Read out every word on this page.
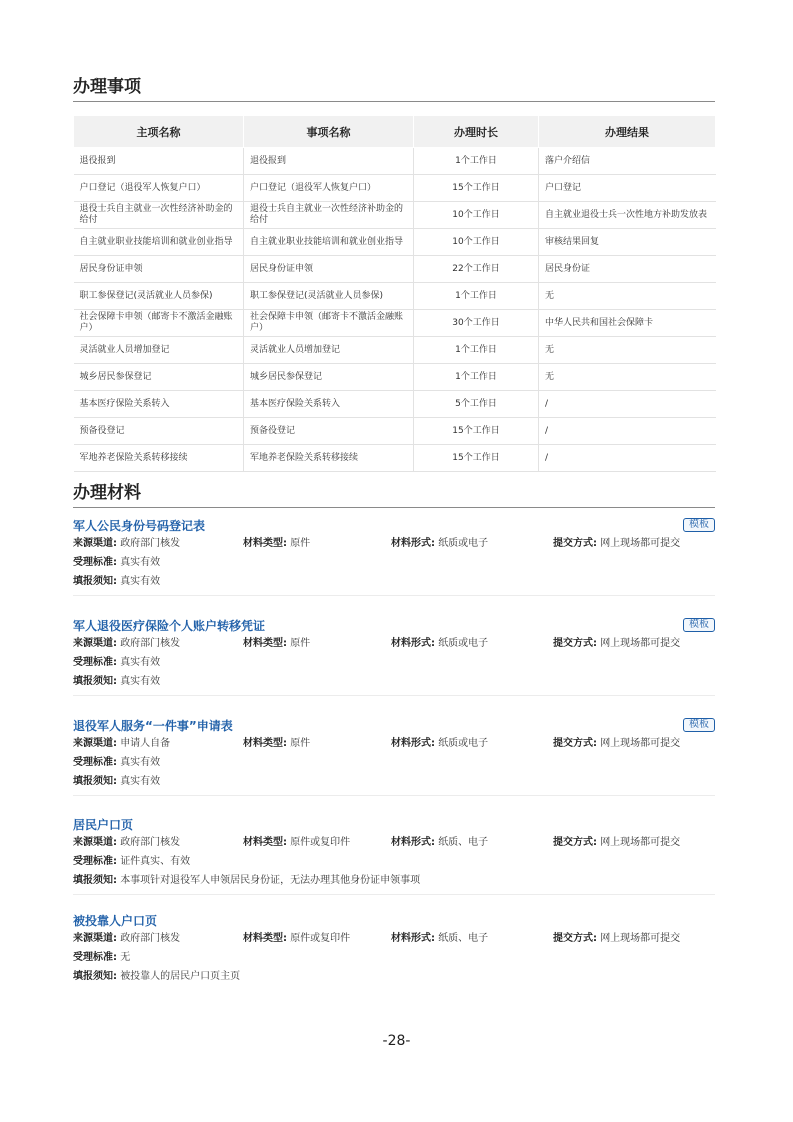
办理事项
主项名称	事项名称	办理时长	办理结果
退役报到	退役报到	1个工作日	落户介绍信
户口登记（退役军人恢复户口）	户口登记（退役军人恢复户口）	15个工作日	户口登记
退役士兵自主就业一次性经济补助金的给付	退役士兵自主就业一次性经济补助金的给付	10个工作日	自主就业退役士兵一次性地方补助发放表
自主就业职业技能培训和就业创业指导	自主就业职业技能培训和就业创业指导	10个工作日	审核结果回复
居民身份证申领	居民身份证申领	22个工作日	居民身份证
职工参保登记(灵活就业人员参保)	职工参保登记(灵活就业人员参保)	1个工作日	无
社会保障卡申领（邮寄卡不激活金融账户）	社会保障卡申领（邮寄卡不激活金融账户）	30个工作日	中华人民共和国社会保障卡
灵活就业人员增加登记	灵活就业人员增加登记	1个工作日	无
城乡居民参保登记	城乡居民参保登记	1个工作日	无
基本医疗保险关系转入	基本医疗保险关系转入	5个工作日	/
预备役登记	预备役登记	15个工作日	/
军地养老保险关系转移接续	军地养老保险关系转移接续	15个工作日	/
办理材料
军人公民身份号码登记表	模板
来源渠道: 政府部门核发	材料类型: 原件	材料形式: 纸质或电子	提交方式: 网上现场都可提交
受理标准: 真实有效
填报须知: 真实有效
军人退役医疗保险个人账户转移凭证	模板
来源渠道: 政府部门核发	材料类型: 原件	材料形式: 纸质或电子	提交方式: 网上现场都可提交
受理标准: 真实有效
填报须知: 真实有效
退役军人服务“一件事”申请表	模板
来源渠道: 申请人自备	材料类型: 原件	材料形式: 纸质或电子	提交方式: 网上现场都可提交
受理标准: 真实有效
填报须知: 真实有效
居民户口页
来源渠道: 政府部门核发	材料类型: 原件或复印件	材料形式: 纸质、电子	提交方式: 网上现场都可提交
受理标准: 证件真实、有效
填报须知: 本事项针对退役军人申领居民身份证，无法办理其他身份证申领事项
被投靠人户口页
来源渠道: 政府部门核发	材料类型: 原件或复印件	材料形式: 纸质、电子	提交方式: 网上现场都可提交
受理标准: 无
填报须知: 被投靠人的居民户口页主页
-28-
